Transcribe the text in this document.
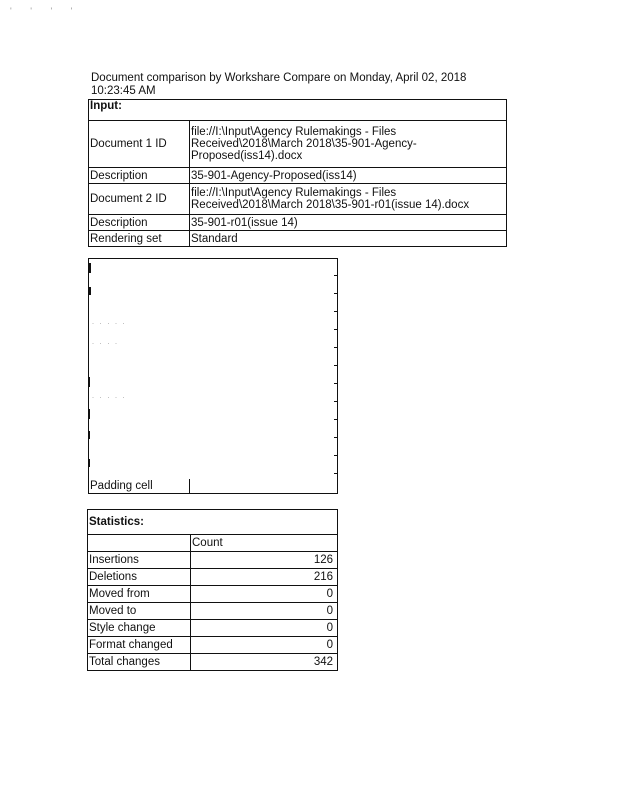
' ' ' '
Document comparison by Workshare Compare on Monday, April 02, 2018 10:23:45 AM
Input:	
Document 1 ID	file://I:\Input\Agency Rulemakings - Files Received\2018\March 2018\35-901-Agency-Proposed(iss14).docx
Description	35-901-Agency-Proposed(iss14)
Document 2 ID	file://I:\Input\Agency Rulemakings - Files Received\2018\March 2018\35-901-r01(issue 14).docx
Description	35-901-r01(issue 14)
Rendering set	Standard
· · · · ·
· · · ·
· · · · ·
Padding cell
Statistics:	
	Count
Insertions	126
Deletions	216
Moved from	0
Moved to	0
Style change	0
Format changed	0
Total changes	342
